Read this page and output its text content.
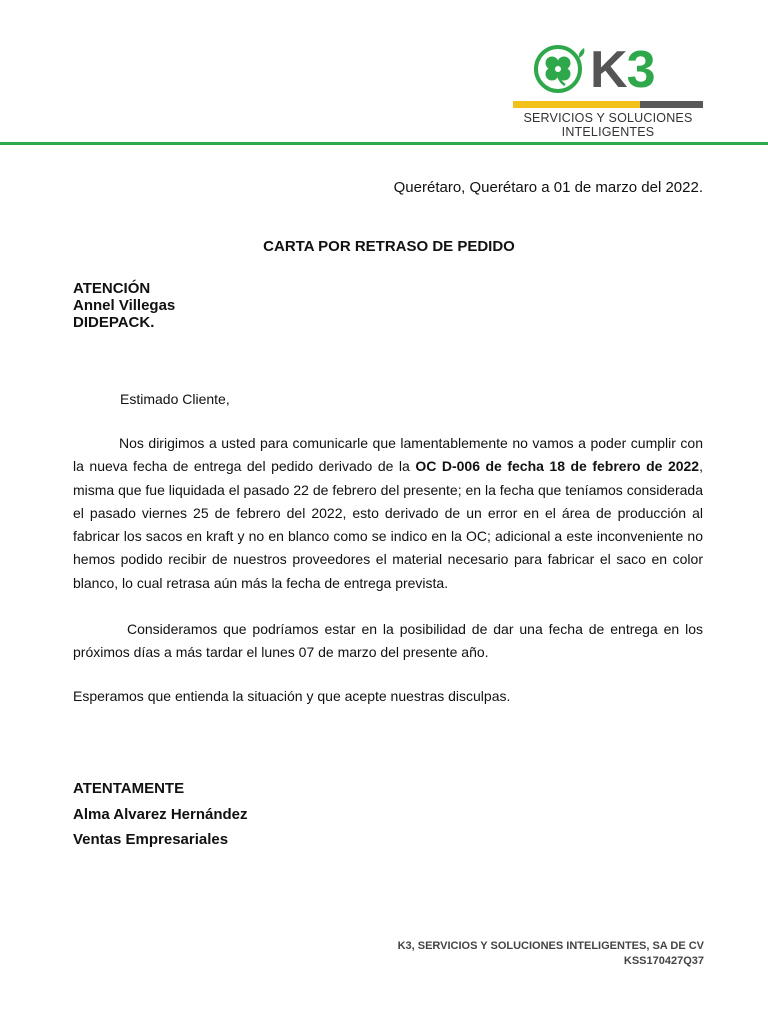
K3
SERVICIOS Y SOLUCIONES
INTELIGENTES
Querétaro, Querétaro a 01 de marzo del 2022.
CARTA POR RETRASO DE PEDIDO
ATENCIÓN
Annel Villegas
DIDEPACK.
Estimado Cliente,
Nos dirigimos a usted para comunicarle que lamentablemente no vamos a poder cumplir con la nueva fecha de entrega del pedido derivado de la OC D-006 de fecha 18 de febrero de 2022, misma que fue liquidada el pasado 22 de febrero del presente; en la fecha que teníamos considerada el pasado viernes 25 de febrero del 2022, esto derivado de un error en el área de producción al fabricar los sacos en kraft y no en blanco como se indico en la OC; adicional a este inconveniente no hemos podido recibir de nuestros proveedores el material necesario para fabricar el saco en color blanco, lo cual retrasa aún más la fecha de entrega prevista.
Consideramos que podríamos estar en la posibilidad de dar una fecha de entrega en los próximos días a más tardar el lunes 07 de marzo del presente año.
Esperamos que entienda la situación y que acepte nuestras disculpas.
ATENTAMENTE
Alma Alvarez Hernández
Ventas Empresariales
K3, SERVICIOS Y SOLUCIONES INTELIGENTES, SA DE CV
KSS170427Q37
